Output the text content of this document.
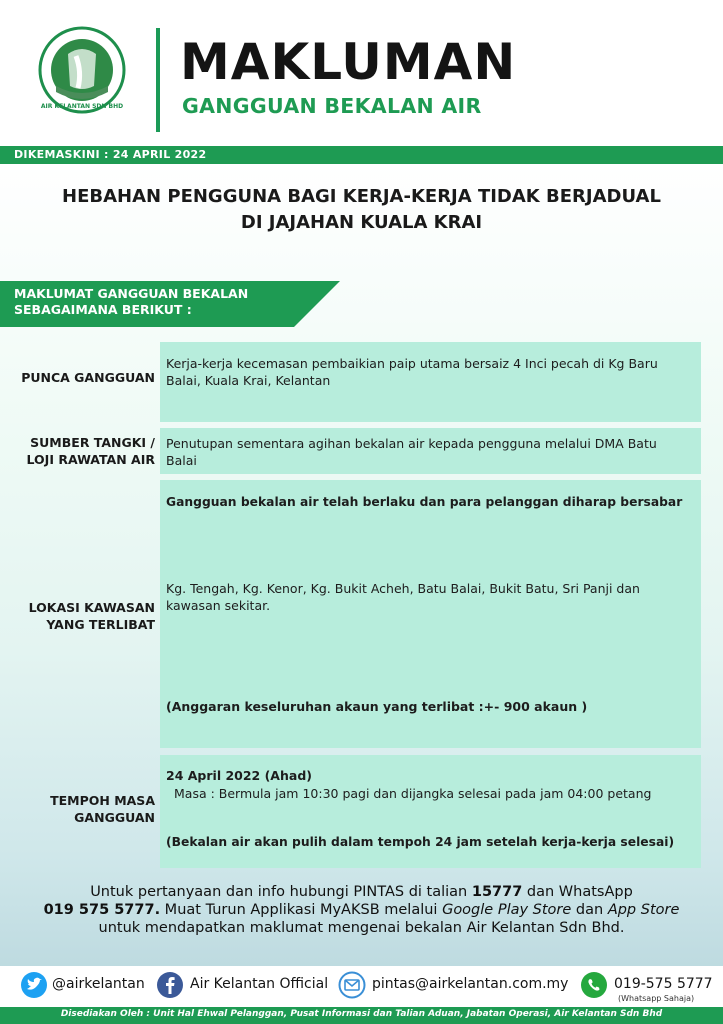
AIR KELANTAN SDN BHD
MAKLUMAN
GANGGUAN BEKALAN AIR
DIKEMASKINI : 24 APRIL 2022
HEBAHAN PENGGUNA BAGI KERJA-KERJA TIDAK BERJADUAL
DI JAJAHAN KUALA KRAI
MAKLUMAT GANGGUAN BEKALAN
SEBAGAIMANA BERIKUT :
PUNCA GANGGUAN
Kerja-kerja kecemasan pembaikian paip utama bersaiz 4 Inci pecah di Kg Baru Balai, Kuala Krai, Kelantan
SUMBER TANGKI /
LOJI RAWATAN AIR
Penutupan sementara agihan bekalan air kepada pengguna melalui DMA Batu Balai
LOKASI KAWASAN
YANG TERLIBAT
Gangguan bekalan air telah berlaku dan para pelanggan diharap bersabar
Kg. Tengah, Kg. Kenor, Kg. Bukit Acheh, Batu Balai, Bukit Batu, Sri Panji dan kawasan sekitar.
(Anggaran keseluruhan akaun yang terlibat :+- 900 akaun )
TEMPOH MASA
GANGGUAN
24 April 2022 (Ahad)
Masa : Bermula jam 10:30 pagi dan dijangka selesai pada jam 04:00 petang
(Bekalan air akan pulih dalam tempoh 24 jam setelah kerja-kerja selesai)
Untuk pertanyaan dan info hubungi PINTAS di talian 15777 dan WhatsApp
019 575 5777. Muat Turun Applikasi MyAKSB melalui Google Play Store dan App Store
untuk mendapatkan maklumat mengenai bekalan Air Kelantan Sdn Bhd.
@airkelantan	Air Kelantan Official	pintas@airkelantan.com.my	019-575 5777
(Whatsapp Sahaja)
Disediakan Oleh : Unit Hal Ehwal Pelanggan, Pusat Informasi dan Talian Aduan, Jabatan Operasi, Air Kelantan Sdn Bhd
